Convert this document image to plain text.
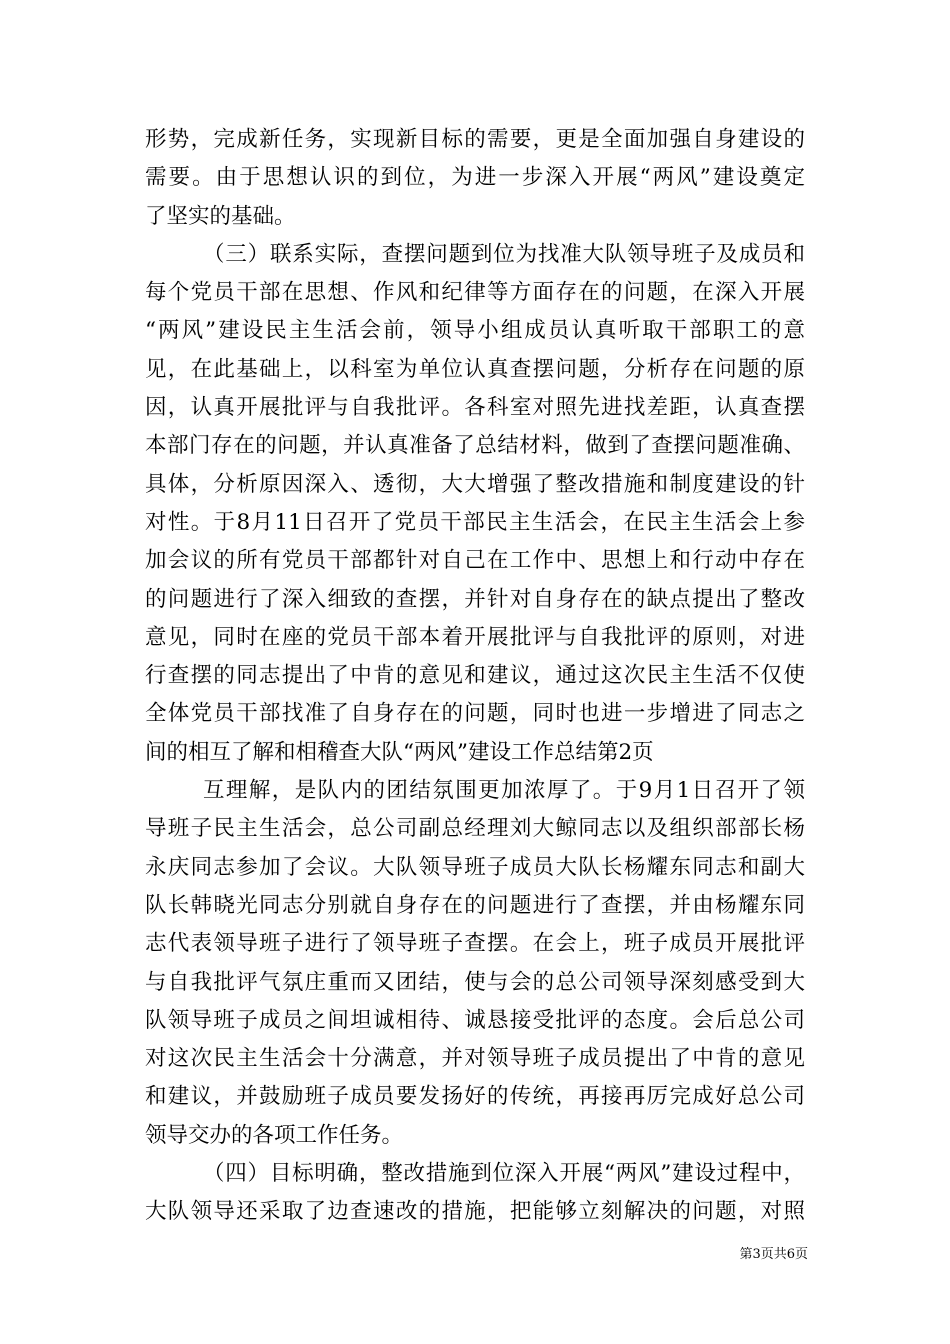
形势，完成新任务，实现新目标的需要，更是全面加强自身建设的
需要。由于思想认识的到位，为进一步深入开展“两风”建设奠定
了坚实的基础。
（三）联系实际，查摆问题到位为找准大队领导班子及成员和
每个党员干部在思想、作风和纪律等方面存在的问题，在深入开展
“两风”建设民主生活会前，领导小组成员认真听取干部职工的意
见，在此基础上，以科室为单位认真查摆问题，分析存在问题的原
因，认真开展批评与自我批评。各科室对照先进找差距，认真查摆
本部门存在的问题，并认真准备了总结材料，做到了查摆问题准确、
具体，分析原因深入、透彻，大大增强了整改措施和制度建设的针
对性。于8月11日召开了党员干部民主生活会，在民主生活会上参
加会议的所有党员干部都针对自己在工作中、思想上和行动中存在
的问题进行了深入细致的查摆，并针对自身存在的缺点提出了整改
意见，同时在座的党员干部本着开展批评与自我批评的原则，对进
行查摆的同志提出了中肯的意见和建议，通过这次民主生活不仅使
全体党员干部找准了自身存在的问题，同时也进一步增进了同志之
间的相互了解和相稽查大队“两风”建设工作总结第2页
互理解，是队内的团结氛围更加浓厚了。于9月1日召开了领
导班子民主生活会，总公司副总经理刘大鲸同志以及组织部部长杨
永庆同志参加了会议。大队领导班子成员大队长杨耀东同志和副大
队长韩晓光同志分别就自身存在的问题进行了查摆，并由杨耀东同
志代表领导班子进行了领导班子查摆。在会上，班子成员开展批评
与自我批评气氛庄重而又团结，使与会的总公司领导深刻感受到大
队领导班子成员之间坦诚相待、诚恳接受批评的态度。会后总公司
对这次民主生活会十分满意，并对领导班子成员提出了中肯的意见
和建议，并鼓励班子成员要发扬好的传统，再接再厉完成好总公司
领导交办的各项工作任务。
（四）目标明确，整改措施到位深入开展“两风”建设过程中，
大队领导还采取了边查速改的措施，把能够立刻解决的问题，对照
第3页共6页
